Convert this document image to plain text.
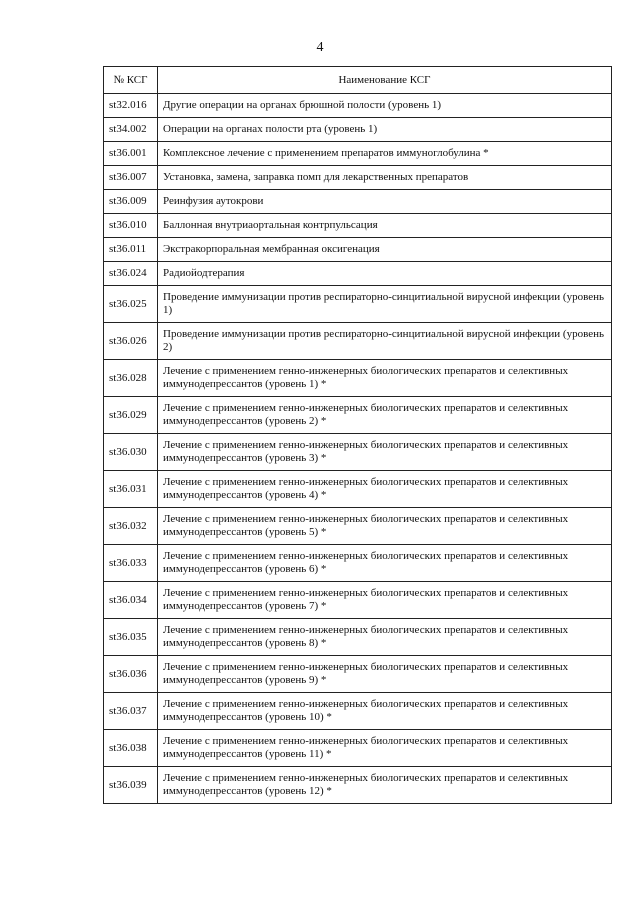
4
№ КСГ	Наименование КСГ
st32.016	Другие операции на органах брюшной полости (уровень 1)
st34.002	Операции на органах полости рта (уровень 1)
st36.001	Комплексное лечение с применением препаратов иммуноглобулина *
st36.007	Установка, замена, заправка помп для лекарственных препаратов
st36.009	Реинфузия аутокрови
st36.010	Баллонная внутриаортальная контрпульсация
st36.011	Экстракорпоральная мембранная оксигенация
st36.024	Радиойодтерапия
st36.025	Проведение иммунизации против респираторно-синцитиальной вирусной инфекции (уровень 1)
st36.026	Проведение иммунизации против респираторно-синцитиальной вирусной инфекции (уровень 2)
st36.028	Лечение с применением генно-инженерных биологических препаратов и селективных иммунодепрессантов (уровень 1) *
st36.029	Лечение с применением генно-инженерных биологических препаратов и селективных иммунодепрессантов (уровень 2) *
st36.030	Лечение с применением генно-инженерных биологических препаратов и селективных иммунодепрессантов (уровень 3) *
st36.031	Лечение с применением генно-инженерных биологических препаратов и селективных иммунодепрессантов (уровень 4) *
st36.032	Лечение с применением генно-инженерных биологических препаратов и селективных иммунодепрессантов (уровень 5) *
st36.033	Лечение с применением генно-инженерных биологических препаратов и селективных иммунодепрессантов (уровень 6) *
st36.034	Лечение с применением генно-инженерных биологических препаратов и селективных иммунодепрессантов (уровень 7) *
st36.035	Лечение с применением генно-инженерных биологических препаратов и селективных иммунодепрессантов (уровень 8) *
st36.036	Лечение с применением генно-инженерных биологических препаратов и селективных иммунодепрессантов (уровень 9) *
st36.037	Лечение с применением генно-инженерных биологических препаратов и селективных иммунодепрессантов (уровень 10) *
st36.038	Лечение с применением генно-инженерных биологических препаратов и селективных иммунодепрессантов (уровень 11) *
st36.039	Лечение с применением генно-инженерных биологических препаратов и селективных иммунодепрессантов (уровень 12) *
